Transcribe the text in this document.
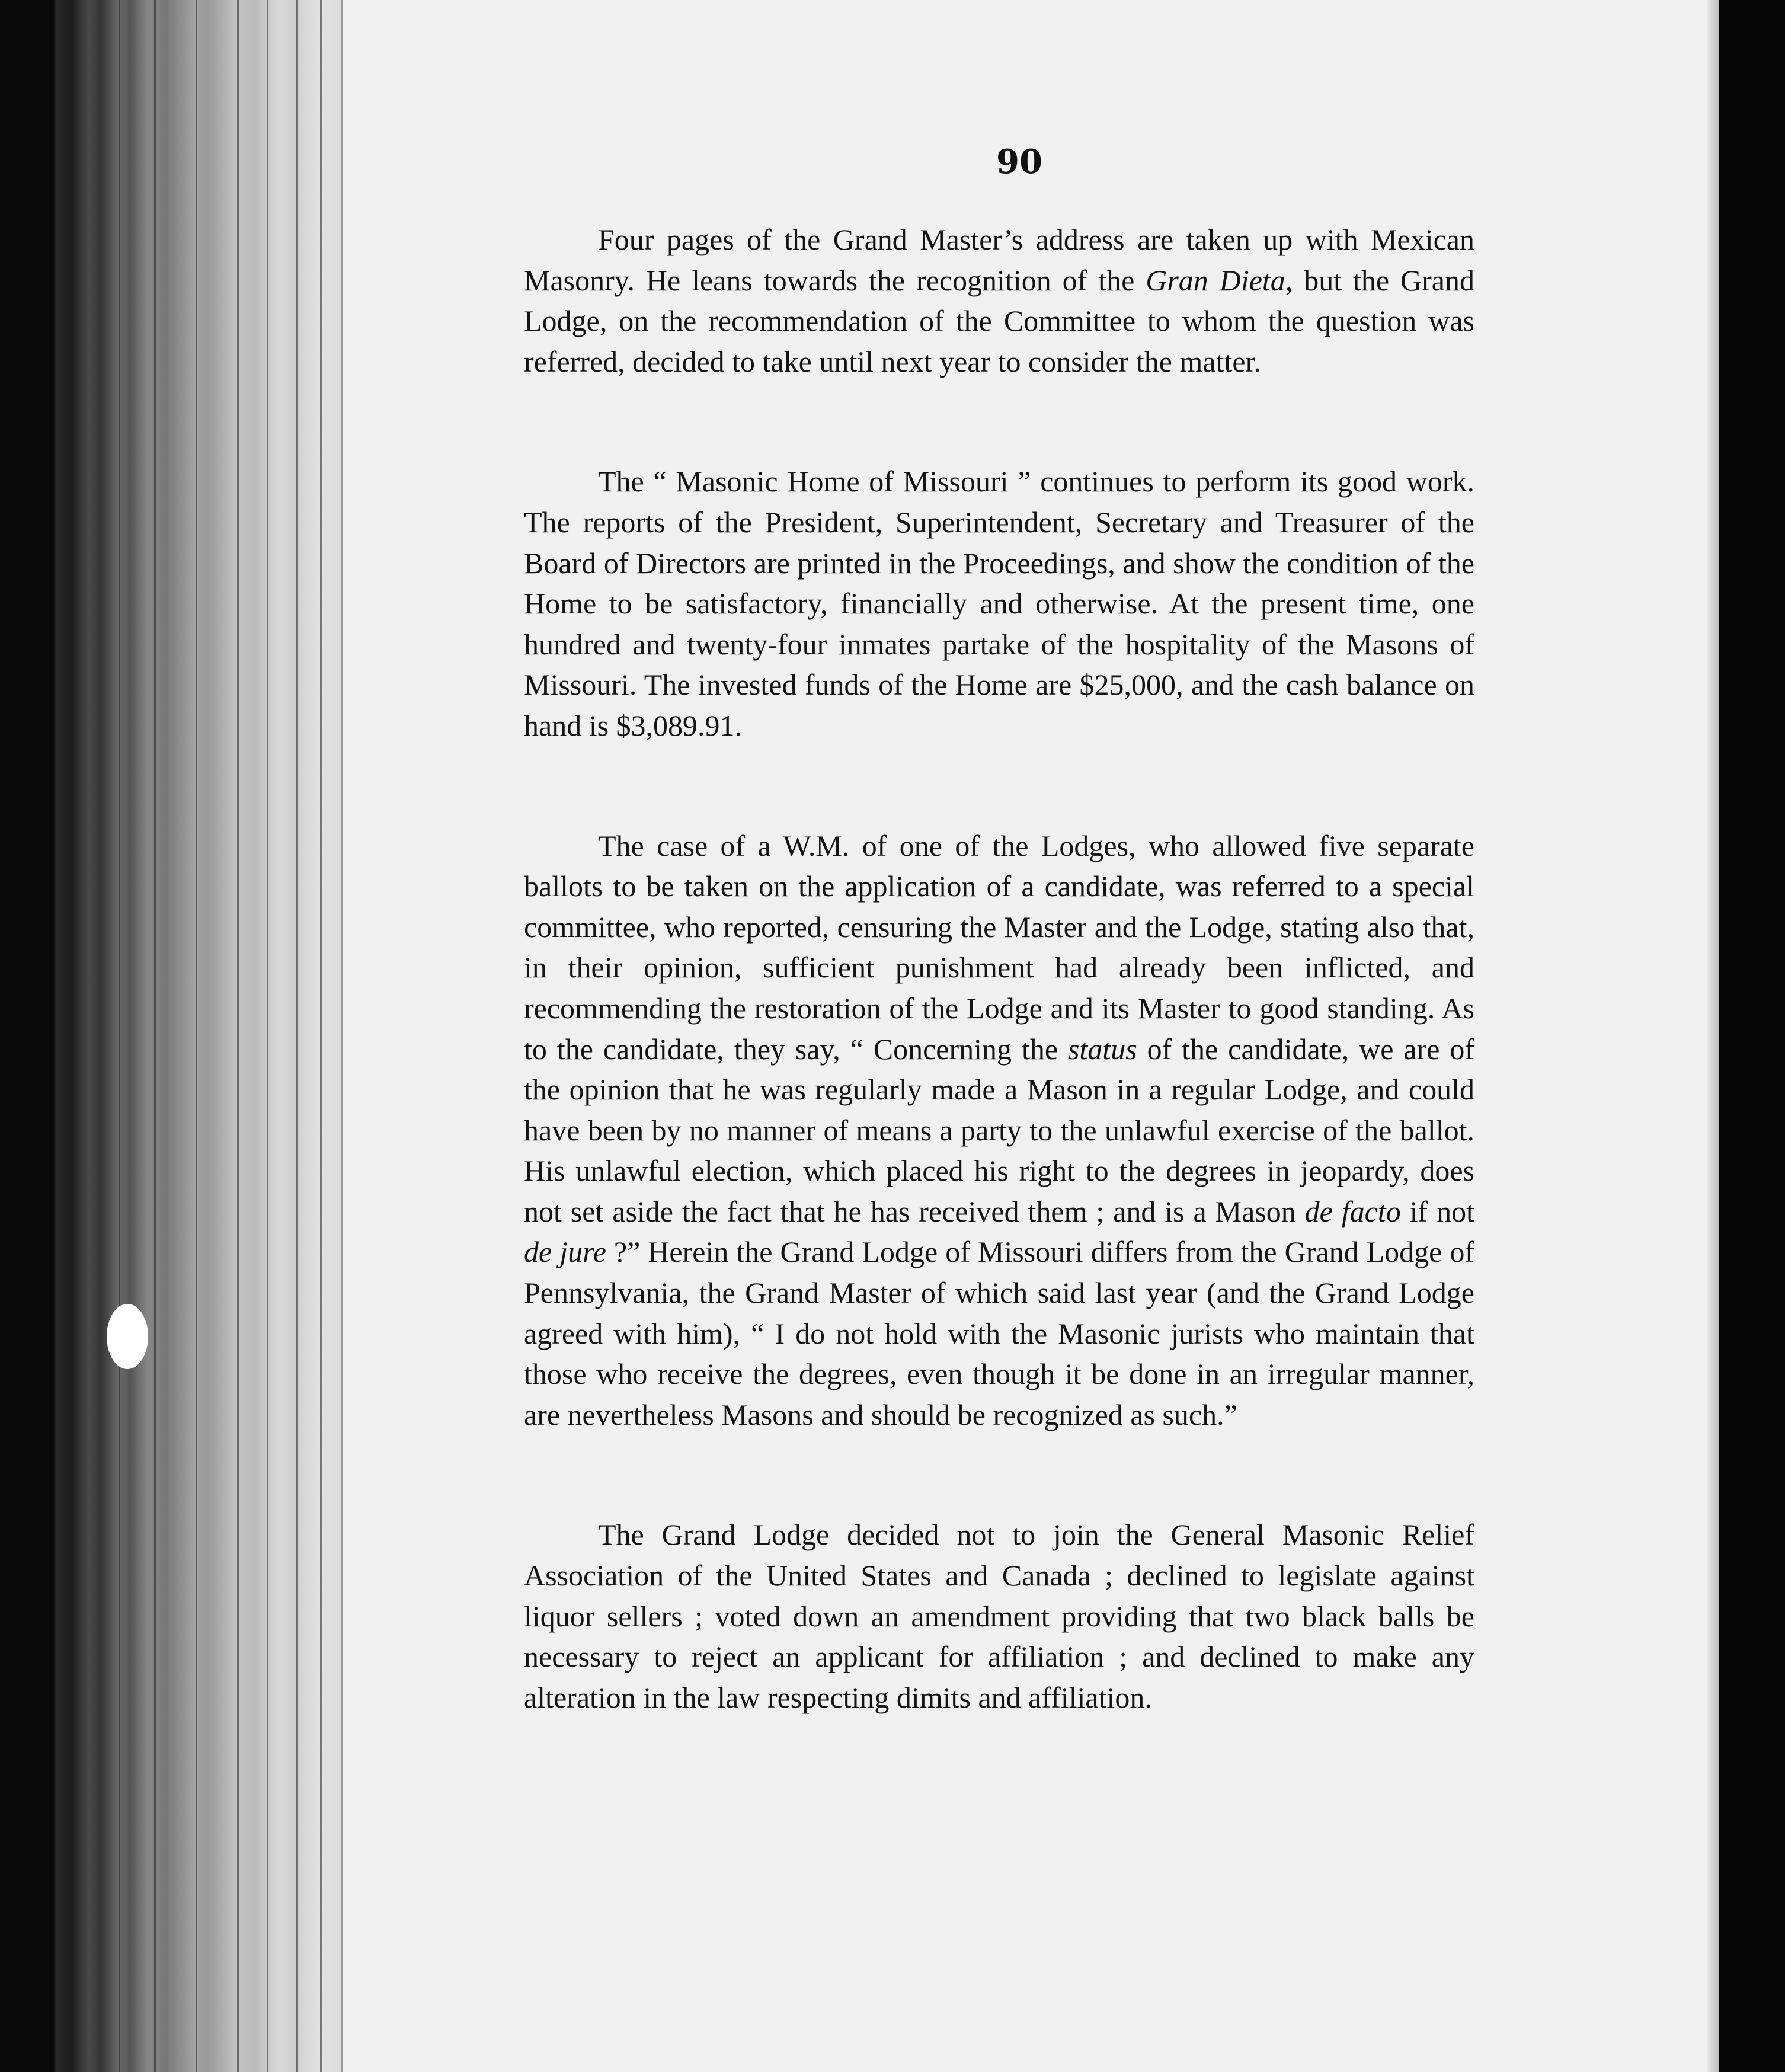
90

Four pages of the Grand Master’s address are taken up with Mexican Masonry. He leans towards the recognition of the Gran Dieta, but the Grand Lodge, on the recommendation of the Committee to whom the question was referred, decided to take until next year to consider the matter.

The “ Masonic Home of Missouri ” continues to perform its good work. The reports of the President, Superintendent, Secretary and Treasurer of the Board of Directors are printed in the Proceedings, and show the condition of the Home to be satisfactory, financially and otherwise. At the present time, one hundred and twenty-four inmates partake of the hospitality of the Masons of Missouri. The invested funds of the Home are $25,000, and the cash balance on hand is $3,089.91.

The case of a W.M. of one of the Lodges, who allowed five separate ballots to be taken on the application of a candidate, was referred to a special committee, who reported, censuring the Master and the Lodge, stating also that, in their opinion, sufficient punishment had already been inflicted, and recommending the restoration of the Lodge and its Master to good standing. As to the candidate, they say, “ Concerning the status of the candidate, we are of the opinion that he was regularly made a Mason in a regular Lodge, and could have been by no manner of means a party to the unlawful exercise of the ballot. His unlawful election, which placed his right to the degrees in jeopardy, does not set aside the fact that he has received them ; and is a Mason de facto if not de jure ?” Herein the Grand Lodge of Missouri differs from the Grand Lodge of Pennsylvania, the Grand Master of which said last year (and the Grand Lodge agreed with him), “ I do not hold with the Masonic jurists who maintain that those who receive the degrees, even though it be done in an irregular manner, are nevertheless Masons and should be recognized as such.”

The Grand Lodge decided not to join the General Masonic Relief Association of the United States and Canada ; declined to legislate against liquor sellers ; voted down an amendment providing that two black balls be necessary to reject an applicant for affiliation ; and declined to make any alteration in the law respecting dimits and affiliation.
